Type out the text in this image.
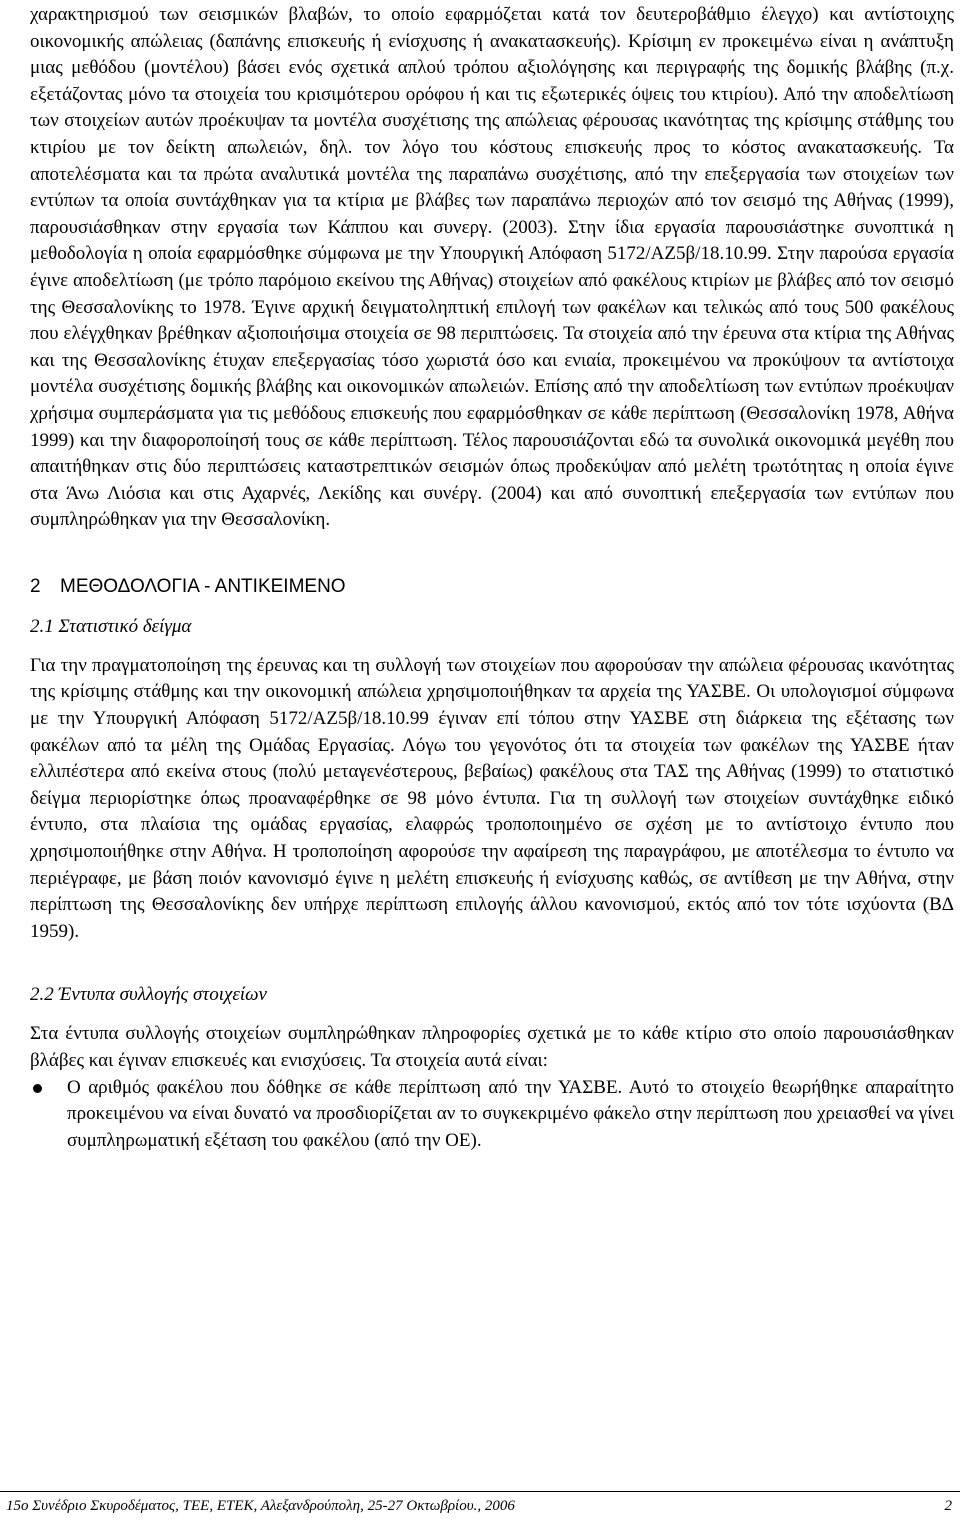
χαρακτηρισμού των σεισμικών βλαβών, το οποίο εφαρμόζεται κατά τον δευτεροβάθμιο έλεγχο) και αντίστοιχης οικονομικής απώλειας (δαπάνης επισκευής ή ενίσχυσης ή ανακατασκευής). Κρίσιμη εν προκειμένω είναι η ανάπτυξη μιας μεθόδου (μοντέλου) βάσει ενός σχετικά απλού τρόπου αξιολόγησης και περιγραφής της δομικής βλάβης (π.χ. εξετάζοντας μόνο τα στοιχεία του κρισιμότερου ορόφου ή και τις εξωτερικές όψεις του κτιρίου). Από την αποδελτίωση των στοιχείων αυτών προέκυψαν τα μοντέλα συσχέτισης της απώλειας φέρουσας ικανότητας της κρίσιμης στάθμης του κτιρίου με τον δείκτη απωλειών, δηλ. τον λόγο του κόστους επισκευής προς το κόστος ανακατασκευής. Τα αποτελέσματα και τα πρώτα αναλυτικά μοντέλα της παραπάνω συσχέτισης, από την επεξεργασία των στοιχείων των εντύπων τα οποία συντάχθηκαν για τα κτίρια με βλάβες των παραπάνω περιοχών από τον σεισμό της Αθήνας (1999), παρουσιάσθηκαν στην εργασία των Κάππου και συνεργ. (2003). Στην ίδια εργασία παρουσιάστηκε συνοπτικά η μεθοδολογία η οποία εφαρμόσθηκε σύμφωνα με την Υπουργική Απόφαση 5172/ΑΖ5β/18.10.99. Στην παρούσα εργασία έγινε αποδελτίωση (με τρόπο παρόμοιο εκείνου της Αθήνας) στοιχείων από φακέλους κτιρίων με βλάβες από τον σεισμό της Θεσσαλονίκης το 1978. Έγινε αρχική δειγματοληπτική επιλογή των φακέλων και τελικώς από τους 500 φακέλους που ελέγχθηκαν βρέθηκαν αξιοποιήσιμα στοιχεία σε 98 περιπτώσεις. Τα στοιχεία από την έρευνα στα κτίρια της Αθήνας και της Θεσσαλονίκης έτυχαν επεξεργασίας τόσο χωριστά όσο και ενιαία, προκειμένου να προκύψουν τα αντίστοιχα μοντέλα συσχέτισης δομικής βλάβης και οικονομικών απωλειών. Επίσης από την αποδελτίωση των εντύπων προέκυψαν χρήσιμα συμπεράσματα για τις μεθόδους επισκευής που εφαρμόσθηκαν σε κάθε περίπτωση (Θεσσαλονίκη 1978, Αθήνα 1999) και την διαφοροποίησή τους σε κάθε περίπτωση. Τέλος παρουσιάζονται εδώ τα συνολικά οικονομικά μεγέθη που απαιτήθηκαν στις δύο περιπτώσεις καταστρεπτικών σεισμών όπως προδεκύψαν από μελέτη τρωτότητας η οποία έγινε στα Άνω Λιόσια και στις Αχαρνές, Λεκίδης και συνέργ. (2004) και από συνοπτική επεξεργασία των εντύπων που συμπληρώθηκαν για την Θεσσαλονίκη.

2 ΜΕΘΟΔΟΛΟΓΙΑ - ΑΝΤΙΚΕΙΜΕΝΟ
2.1 Στατιστικό δείγμα

Για την πραγματοποίηση της έρευνας και τη συλλογή των στοιχείων που αφορούσαν την απώλεια φέρουσας ικανότητας της κρίσιμης στάθμης και την οικονομική απώλεια χρησιμοποιήθηκαν τα αρχεία της ΥΑΣΒΕ. Οι υπολογισμοί σύμφωνα με την Υπουργική Απόφαση 5172/ΑΖ5β/18.10.99 έγιναν επί τόπου στην ΥΑΣΒΕ στη διάρκεια της εξέτασης των φακέλων από τα μέλη της Ομάδας Εργασίας. Λόγω του γεγονότος ότι τα στοιχεία των φακέλων της ΥΑΣΒΕ ήταν ελλιπέστερα από εκείνα στους (πολύ μεταγενέστερους, βεβαίως) φακέλους στα ΤΑΣ της Αθήνας (1999) το στατιστικό δείγμα περιορίστηκε όπως προαναφέρθηκε σε 98 μόνο έντυπα. Για τη συλλογή των στοιχείων συντάχθηκε ειδικό έντυπο, στα πλαίσια της ομάδας εργασίας, ελαφρώς τροποποιημένο σε σχέση με το αντίστοιχο έντυπο που χρησιμοποιήθηκε στην Αθήνα. Η τροποποίηση αφορούσε την αφαίρεση της παραγράφου, με αποτέλεσμα το έντυπο να περιέγραφε, με βάση ποιόν κανονισμό έγινε η μελέτη επισκευής ή ενίσχυσης καθώς, σε αντίθεση με την Αθήνα, στην περίπτωση της Θεσσαλονίκης δεν υπήρχε περίπτωση επιλογής άλλου κανονισμού, εκτός από τον τότε ισχύοντα (ΒΔ 1959).

2.2 Έντυπα συλλογής στοιχείων

Στα έντυπα συλλογής στοιχείων συμπληρώθηκαν πληροφορίες σχετικά με το κάθε κτίριο στο οποίο παρουσιάσθηκαν βλάβες και έγιναν επισκευές και ενισχύσεις. Τα στοιχεία αυτά είναι:

Ο αριθμός φακέλου που δόθηκε σε κάθε περίπτωση από την ΥΑΣΒΕ. Αυτό το στοιχείο θεωρήθηκε απαραίτητο προκειμένου να είναι δυνατό να προσδιορίζεται αν το συγκεκριμένο φάκελο στην περίπτωση που χρειασθεί να γίνει συμπληρωματική εξέταση του φακέλου (από την ΟΕ).
15ο Συνέδριο Σκυροδέματος, ΤΕΕ, ΕΤΕΚ, Αλεξανδρούπολη, 25-27 Οκτωβρίου., 2006	2
